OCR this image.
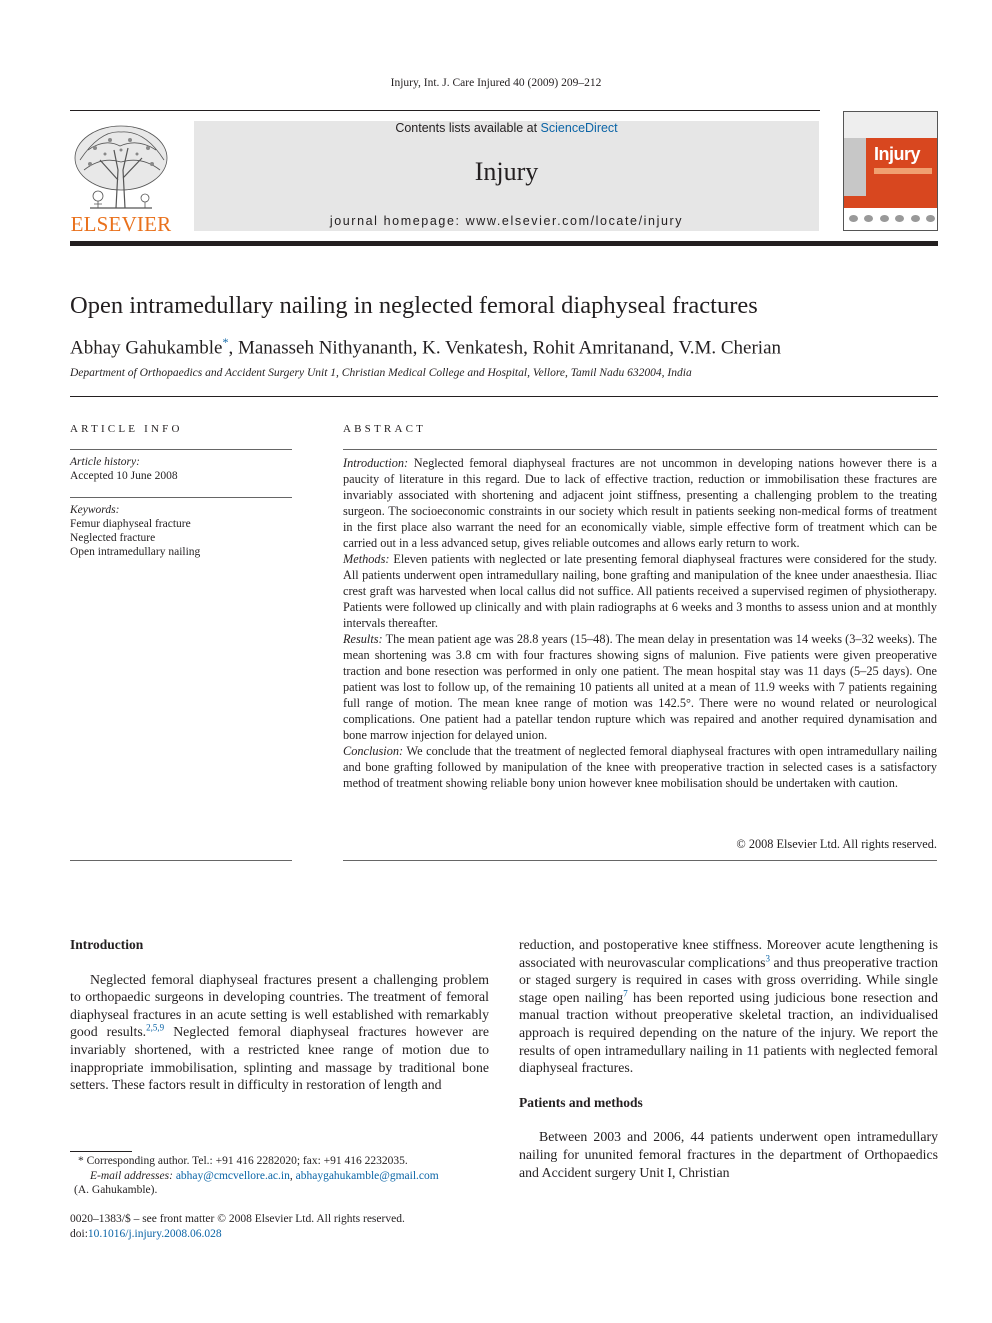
Injury, Int. J. Care Injured 40 (2009) 209–212
ELSEVIER
Contents lists available at ScienceDirect
Injury
journal homepage: www.elsevier.com/locate/injury
Injury
Open intramedullary nailing in neglected femoral diaphyseal fractures
Abhay Gahukamble*, Manasseh Nithyananth, K. Venkatesh, Rohit Amritanand, V.M. Cherian
Department of Orthopaedics and Accident Surgery Unit 1, Christian Medical College and Hospital, Vellore, Tamil Nadu 632004, India
ARTICLE INFO
Article history:
Accepted 10 June 2008
Keywords:
Femur diaphyseal fracture
Neglected fracture
Open intramedullary nailing
ABSTRACT

Introduction: Neglected femoral diaphyseal fractures are not uncommon in developing nations however there is a paucity of literature in this regard. Due to lack of effective traction, reduction or immobilisation these fractures are invariably associated with shortening and adjacent joint stiffness, presenting a challenging problem to the treating surgeon. The socioeconomic constraints in our society which result in patients seeking non-medical forms of treatment in the first place also warrant the need for an economically viable, simple effective form of treatment which can be carried out in a less advanced setup, gives reliable outcomes and allows early return to work.

Methods: Eleven patients with neglected or late presenting femoral diaphyseal fractures were considered for the study. All patients underwent open intramedullary nailing, bone grafting and manipulation of the knee under anaesthesia. Iliac crest graft was harvested when local callus did not suffice. All patients received a supervised regimen of physiotherapy. Patients were followed up clinically and with plain radiographs at 6 weeks and 3 months to assess union and at monthly intervals thereafter.

Results: The mean patient age was 28.8 years (15–48). The mean delay in presentation was 14 weeks (3–32 weeks). The mean shortening was 3.8 cm with four fractures showing signs of malunion. Five patients were given preoperative traction and bone resection was performed in only one patient. The mean hospital stay was 11 days (5–25 days). One patient was lost to follow up, of the remaining 10 patients all united at a mean of 11.9 weeks with 7 patients regaining full range of motion. The mean knee range of motion was 142.5°. There were no wound related or neurological complications. One patient had a patellar tendon rupture which was repaired and another required dynamisation and bone marrow injection for delayed union.

Conclusion: We conclude that the treatment of neglected femoral diaphyseal fractures with open intramedullary nailing and bone grafting followed by manipulation of the knee with preoperative traction in selected cases is a satisfactory method of treatment showing reliable bony union however knee mobilisation should be undertaken with caution.

© 2008 Elsevier Ltd. All rights reserved.
Introduction

Neglected femoral diaphyseal fractures present a challenging problem to orthopaedic surgeons in developing countries. The treatment of femoral diaphyseal fractures in an acute setting is well established with remarkably good results.$^{2,5,9}$ Neglected femoral diaphyseal fractures however are invariably shortened, with a restricted knee range of motion due to inappropriate immobilisation, splinting and massage by traditional bone setters. These factors result in difficulty in restoration of length and

reduction, and postoperative knee stiffness. Moreover acute lengthening is associated with neurovascular complications$^3$ and thus preoperative traction or staged surgery is required in cases with gross overriding. While single stage open nailing$^7$ has been reported using judicious bone resection and manual traction without preoperative skeletal traction, an individualised approach is required depending on the nature of the injury. We report the results of open intramedullary nailing in 11 patients with neglected femoral diaphyseal fractures.

Patients and methods

Between 2003 and 2006, 44 patients underwent open intramedullary nailing for ununited femoral fractures in the department of Orthopaedics and Accident surgery Unit I, Christian

* Corresponding author. Tel.: +91 416 2282020; fax: +91 416 2232035.
E-mail addresses: abhay@cmcvellore.ac.in, abhaygahukamble@gmail.com
(A. Gahukamble).
0020–1383/$ – see front matter © 2008 Elsevier Ltd. All rights reserved.
doi:10.1016/j.injury.2008.06.028
